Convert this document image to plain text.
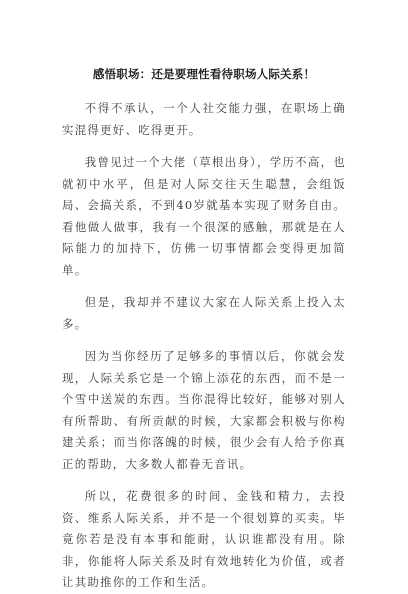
感悟职场：还是要理性看待职场人际关系！

不得不承认，一个人社交能力强，在职场上确实混得更好、吃得更开。

我曾见过一个大佬（草根出身），学历不高，也就初中水平，但是对人际交往天生聪慧，会组饭局、会搞关系，不到40岁就基本实现了财务自由。看他做人做事，我有一个很深的感触，那就是在人际能力的加持下，仿佛一切事情都会变得更加简单。

但是，我却并不建议大家在人际关系上投入太多。

因为当你经历了足够多的事情以后，你就会发现，人际关系它是一个锦上添花的东西，而不是一个雪中送炭的东西。当你混得比较好，能够对别人有所帮助、有所贡献的时候，大家都会积极与你构建关系；而当你落魄的时候，很少会有人给予你真正的帮助，大多数人都眷无音讯。

所以，花费很多的时间、金钱和精力，去投资、维系人际关系，并不是一个很划算的买卖。毕竟你若是没有本事和能耐，认识谁都没有用。除非，你能将人际关系及时有效地转化为价值，或者让其助推你的工作和生活。
